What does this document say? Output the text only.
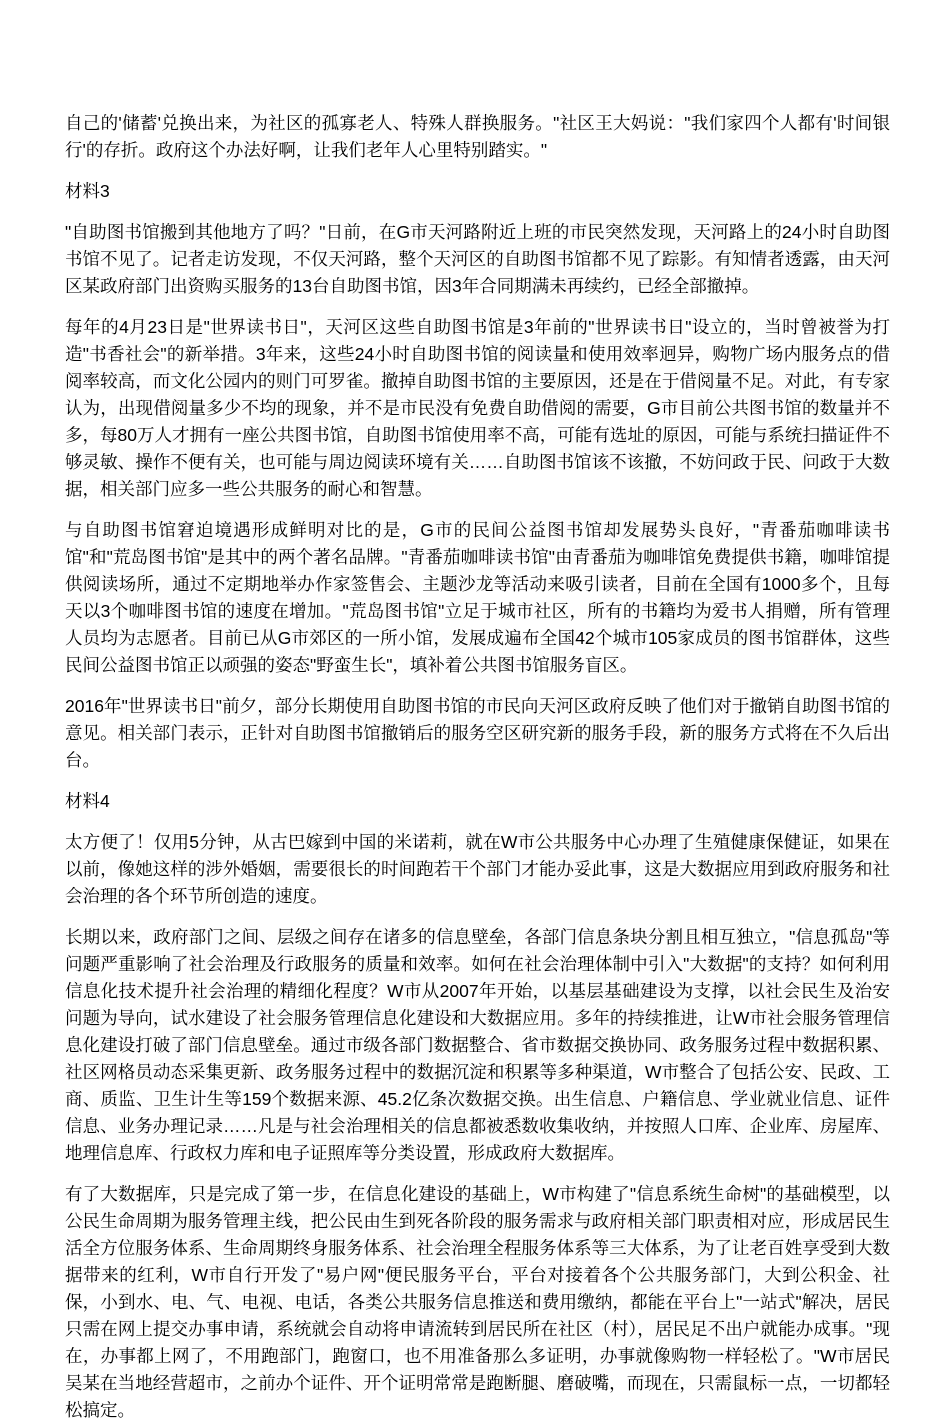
自己的'储蓄'兑换出来，为社区的孤寡老人、特殊人群换服务。"社区王大妈说："我们家四个人都有'时间银行'的存折。政府这个办法好啊，让我们老年人心里特别踏实。"

材料3

"自助图书馆搬到其他地方了吗？"日前，在G市天河路附近上班的市民突然发现，天河路上的24小时自助图书馆不见了。记者走访发现，不仅天河路，整个天河区的自助图书馆都不见了踪影。有知情者透露，由天河区某政府部门出资购买服务的13台自助图书馆，因3年合同期满未再续约，已经全部撤掉。

每年的4月23日是"世界读书日"，天河区这些自助图书馆是3年前的"世界读书日"设立的，当时曾被誉为打造"书香社会"的新举措。3年来，这些24小时自助图书馆的阅读量和使用效率迥异，购物广场内服务点的借阅率较高，而文化公园内的则门可罗雀。撤掉自助图书馆的主要原因，还是在于借阅量不足。对此，有专家认为，出现借阅量多少不均的现象，并不是市民没有免费自助借阅的需要，G市目前公共图书馆的数量并不多，每80万人才拥有一座公共图书馆，自助图书馆使用率不高，可能有选址的原因，可能与系统扫描证件不够灵敏、操作不便有关，也可能与周边阅读环境有关……自助图书馆该不该撤，不妨问政于民、问政于大数据，相关部门应多一些公共服务的耐心和智慧。

与自助图书馆窘迫境遇形成鲜明对比的是，G市的民间公益图书馆却发展势头良好，"青番茄咖啡读书馆"和"荒岛图书馆"是其中的两个著名品牌。"青番茄咖啡读书馆"由青番茄为咖啡馆免费提供书籍，咖啡馆提供阅读场所，通过不定期地举办作家签售会、主题沙龙等活动来吸引读者，目前在全国有1000多个，且每天以3个咖啡图书馆的速度在增加。"荒岛图书馆"立足于城市社区，所有的书籍均为爱书人捐赠，所有管理人员均为志愿者。目前已从G市郊区的一所小馆，发展成遍布全国42个城市105家成员的图书馆群体，这些民间公益图书馆正以顽强的姿态"野蛮生长"，填补着公共图书馆服务盲区。

2016年"世界读书日"前夕，部分长期使用自助图书馆的市民向天河区政府反映了他们对于撤销自助图书馆的意见。相关部门表示，正针对自助图书馆撤销后的服务空区研究新的服务手段，新的服务方式将在不久后出台。

材料4

太方便了！仅用5分钟，从古巴嫁到中国的米诺莉，就在W市公共服务中心办理了生殖健康保健证，如果在以前，像她这样的涉外婚姻，需要很长的时间跑若干个部门才能办妥此事，这是大数据应用到政府服务和社会治理的各个环节所创造的速度。

长期以来，政府部门之间、层级之间存在诸多的信息壁垒，各部门信息条块分割且相互独立，"信息孤岛"等问题严重影响了社会治理及行政服务的质量和效率。如何在社会治理体制中引入"大数据"的支持？如何利用信息化技术提升社会治理的精细化程度？W市从2007年开始，以基层基础建设为支撑，以社会民生及治安问题为导向，试水建设了社会服务管理信息化建设和大数据应用。多年的持续推进，让W市社会服务管理信息化建设打破了部门信息壁垒。通过市级各部门数据整合、省市数据交换协同、政务服务过程中数据积累、社区网格员动态采集更新、政务服务过程中的数据沉淀和积累等多种渠道，W市整合了包括公安、民政、工商、质监、卫生计生等159个数据来源、45.2亿条次数据交换。出生信息、户籍信息、学业就业信息、证件信息、业务办理记录……凡是与社会治理相关的信息都被悉数收集收纳，并按照人口库、企业库、房屋库、地理信息库、行政权力库和电子证照库等分类设置，形成政府大数据库。

有了大数据库，只是完成了第一步，在信息化建设的基础上，W市构建了"信息系统生命树"的基础模型，以公民生命周期为服务管理主线，把公民由生到死各阶段的服务需求与政府相关部门职责相对应，形成居民生活全方位服务体系、生命周期终身服务体系、社会治理全程服务体系等三大体系，为了让老百姓享受到大数据带来的红利，W市自行开发了"易户网"便民服务平台，平台对接着各个公共服务部门，大到公积金、社保，小到水、电、气、电视、电话，各类公共服务信息推送和费用缴纳，都能在平台上"一站式"解决，居民只需在网上提交办事申请，系统就会自动将申请流转到居民所在社区（村），居民足不出户就能办成事。"现在，办事都上网了，不用跑部门，跑窗口，也不用准备那么多证明，办事就像购物一样轻松了。"W市居民吴某在当地经营超市，之前办个证件、开个证明常常是跑断腿、磨破嘴，而现在，只需鼠标一点，一切都轻松搞定。
